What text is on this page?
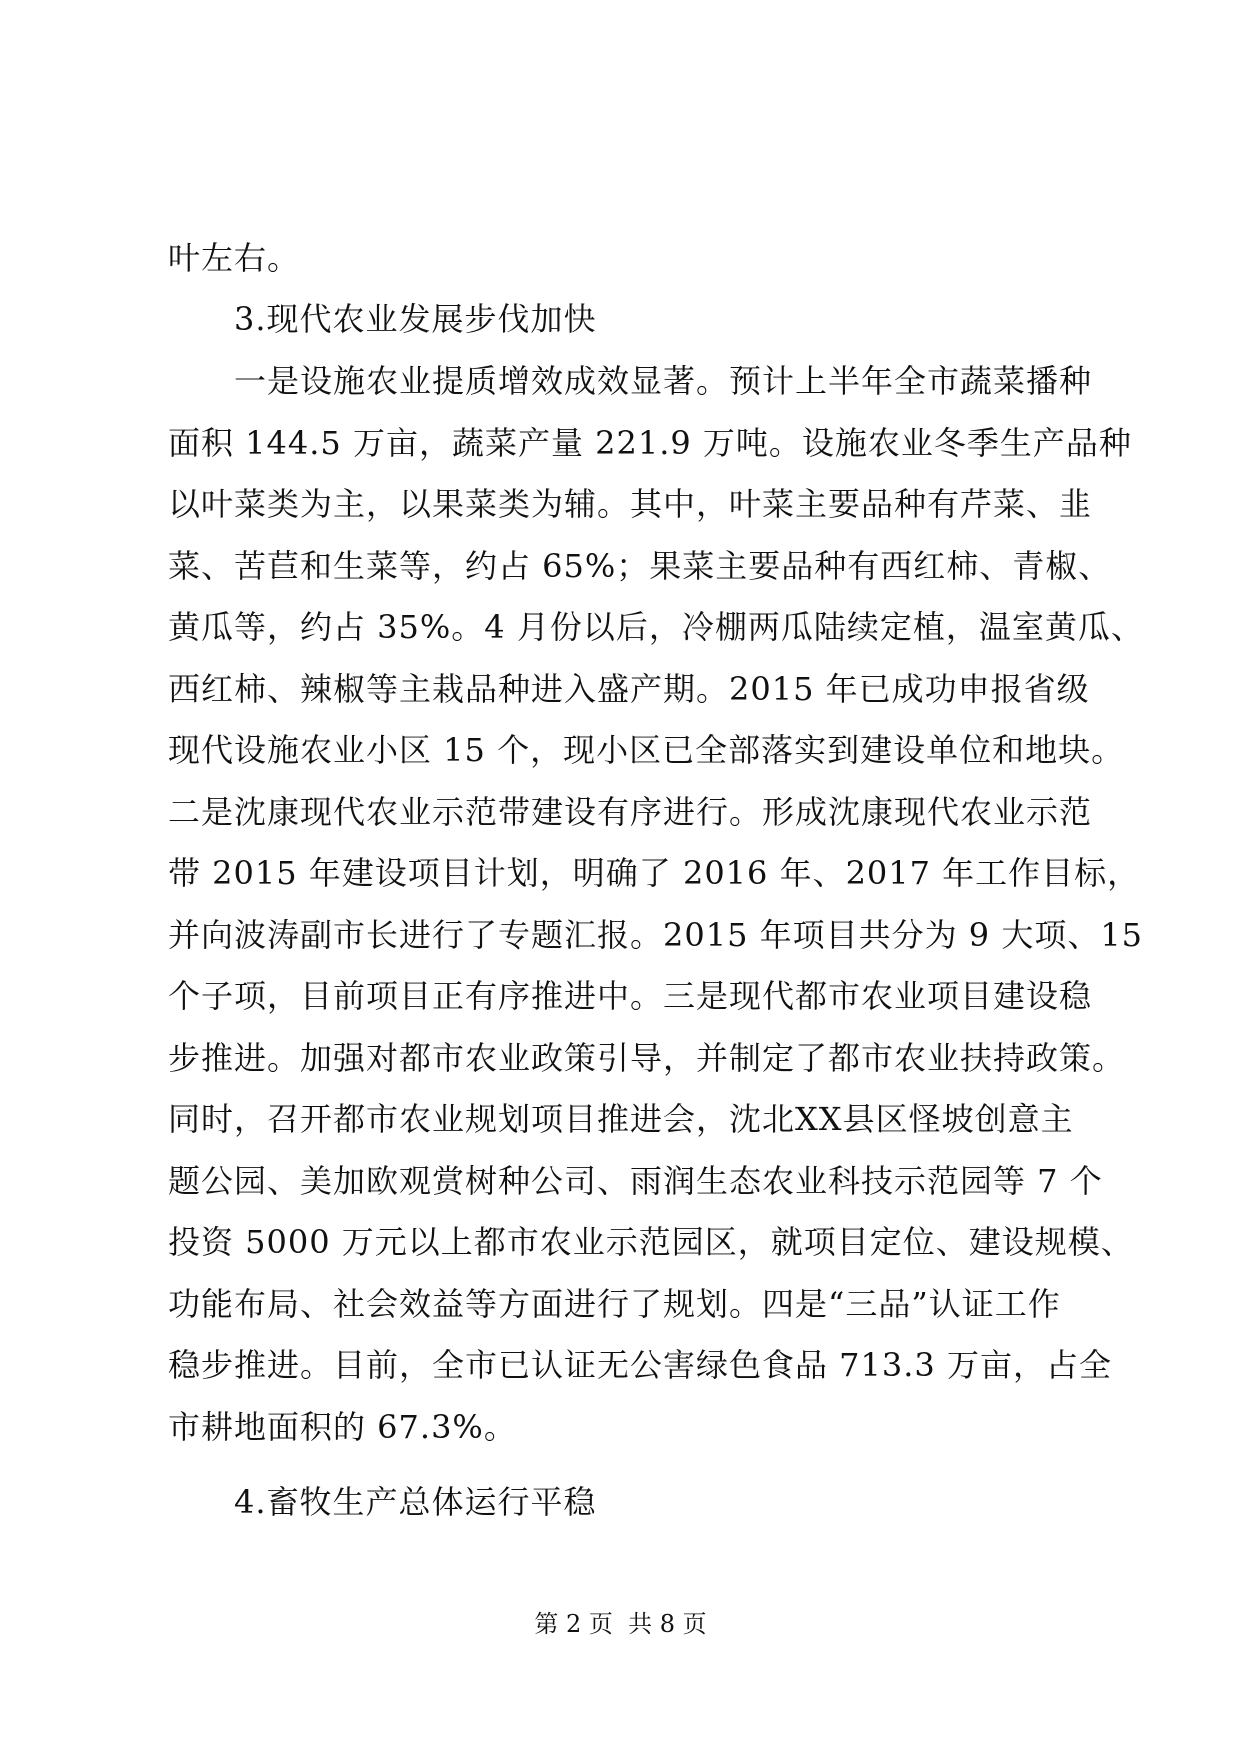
叶左右。
3.现代农业发展步伐加快
一是设施农业提质增效成效显著。预计上半年全市蔬菜播种
面积 144.5 万亩，蔬菜产量 221.9 万吨。设施农业冬季生产品种
以叶菜类为主，以果菜类为辅。其中，叶菜主要品种有芹菜、韭
菜、苦苣和生菜等，约占 65%；果菜主要品种有西红柿、青椒、
黄瓜等，约占 35%。4 月份以后，冷棚两瓜陆续定植，温室黄瓜、
西红柿、辣椒等主栽品种进入盛产期。2015 年已成功申报省级
现代设施农业小区 15 个，现小区已全部落实到建设单位和地块。
二是沈康现代农业示范带建设有序进行。形成沈康现代农业示范
带 2015 年建设项目计划，明确了 2016 年、2017 年工作目标，
并向波涛副市长进行了专题汇报。2015 年项目共分为 9 大项、15
个子项，目前项目正有序推进中。三是现代都市农业项目建设稳
步推进。加强对都市农业政策引导，并制定了都市农业扶持政策。
同时，召开都市农业规划项目推进会，沈北XX县区怪坡创意主
题公园、美加欧观赏树种公司、雨润生态农业科技示范园等 7 个
投资 5000 万元以上都市农业示范园区，就项目定位、建设规模、
功能布局、社会效益等方面进行了规划。四是“三品”认证工作
稳步推进。目前，全市已认证无公害绿色食品 713.3 万亩，占全
市耕地面积的 67.3%。
4.畜牧生产总体运行平稳
第 2 页  共 8 页
